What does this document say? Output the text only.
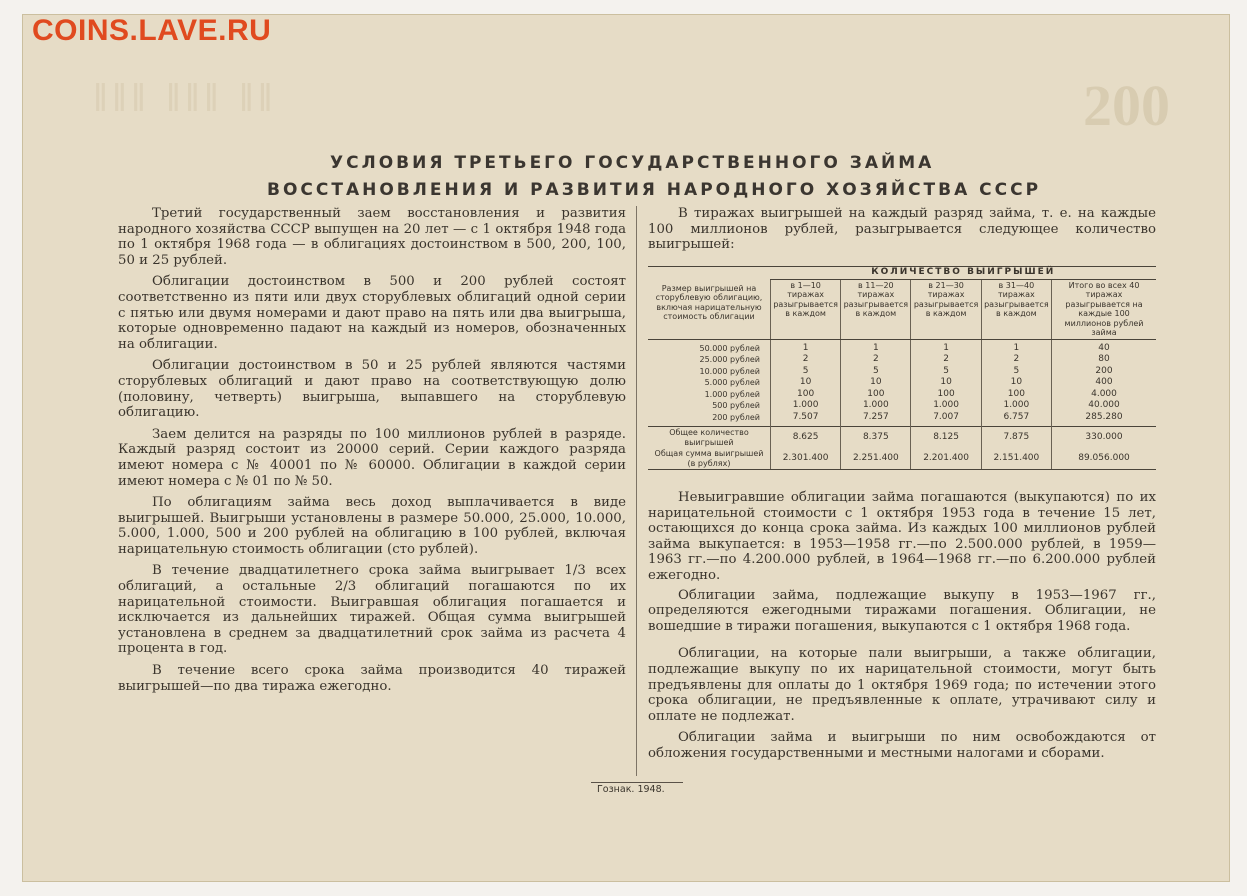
200
‖‖‖ ‖‖‖ ‖‖
COINS.LAVE.RU
УСЛОВИЯ ТРЕТЬЕГО ГОСУДАРСТВЕННОГО ЗАЙМА
ВОССТАНОВЛЕНИЯ И РАЗВИТИЯ НАРОДНОГО ХОЗЯЙСТВА СССР

Третий государственный заем восстановления и развития народного хозяйства СССР выпущен на 20 лет — с 1 октября 1948 года по 1 октября 1968 года — в облигациях достоинством в 500, 200, 100, 50 и 25 рублей.

Облигации достоинством в 500 и 200 рублей состоят соответственно из пяти или двух сторублевых облигаций одной серии с пятью или двумя номерами и дают право на пять или два выигрыша, которые одновременно падают на каждый из номеров, обозначенных на облигации.

Облигации достоинством в 50 и 25 рублей являются частями сторублевых облигаций и дают право на соответствующую долю (половину, четверть) выигрыша, выпавшего на сторублевую облигацию.

Заем делится на разряды по 100 миллионов рублей в разряде. Каждый разряд состоит из 20000 серий. Серии каждого разряда имеют номера с № 40001 по № 60000. Облигации в каждой серии имеют номера с № 01 по № 50.

По облигациям займа весь доход выплачивается в виде выигрышей. Выигрыши установлены в размере 50.000, 25.000, 10.000, 5.000, 1.000, 500 и 200 рублей на облигацию в 100 рублей, включая нарицательную стоимость облигации (сто рублей).

В течение двадцатилетнего срока займа выигрывает 1/3 всех облигаций, а остальные 2/3 облигаций погашаются по их нарицательной стоимости. Выигравшая облигация погашается и исключается из дальнейших тиражей. Общая сумма выигрышей установлена в среднем за двадцатилетний срок займа из расчета 4 процента в год.

В течение всего срока займа производится 40 тиражей выигрышей—по два тиража ежегодно.

В тиражах выигрышей на каждый разряд займа, т. е. на каждые 100 миллионов рублей, разыгрывается следующее количество выигрышей:

Размер выигрышей на сторублевую облигацию, включая нарицательную стоимость облигации	КОЛИЧЕСТВО ВЫИГРЫШЕЙ				
	в 1—10 тиражах разыгрывается в каждом	в 11—20 тиражах разыгрывается в каждом	в 21—30 тиражах разыгрывается в каждом	в 31—40 тиражах разыгрывается в каждом	Итого во всех 40 тиражах разыгрывается на каждые 100 миллионов рублей займа
50.000 рублей	1	1	1	1	40
25.000 рублей	2	2	2	2	80
10.000 рублей	5	5	5	5	200
5.000 рублей	10	10	10	10	400
1.000 рублей	100	100	100	100	4.000
500 рублей	1.000	1.000	1.000	1.000	40.000
200 рублей	7.507	7.257	7.007	6.757	285.280
Общее количество выигрышей	8.625	8.375	8.125	7.875	330.000
Общая сумма выигрышей (в рублях)	2.301.400	2.251.400	2.201.400	2.151.400	89.056.000

Невыигравшие облигации займа погашаются (выкупаются) по их нарицательной стоимости с 1 октября 1953 года в течение 15 лет, остающихся до конца срока займа. Из каждых 100 миллионов рублей займа выкупается: в 1953—1958 гг.—по 2.500.000 рублей, в 1959—1963 гг.—по 4.200.000 рублей, в 1964—1968 гг.—по 6.200.000 рублей ежегодно.

Облигации займа, подлежащие выкупу в 1953—1967 гг., определяются ежегодными тиражами погашения. Облигации, не вошедшие в тиражи погашения, выкупаются с 1 октября 1968 года.

Облигации, на которые пали выигрыши, а также облигации, подлежащие выкупу по их нарицательной стоимости, могут быть предъявлены для оплаты до 1 октября 1969 года; по истечении этого срока облигации, не предъявленные к оплате, утрачивают силу и оплате не подлежат.

Облигации займа и выигрыши по ним освобождаются от обложения государственными и местными налогами и сборами.

Гознак. 1948.
